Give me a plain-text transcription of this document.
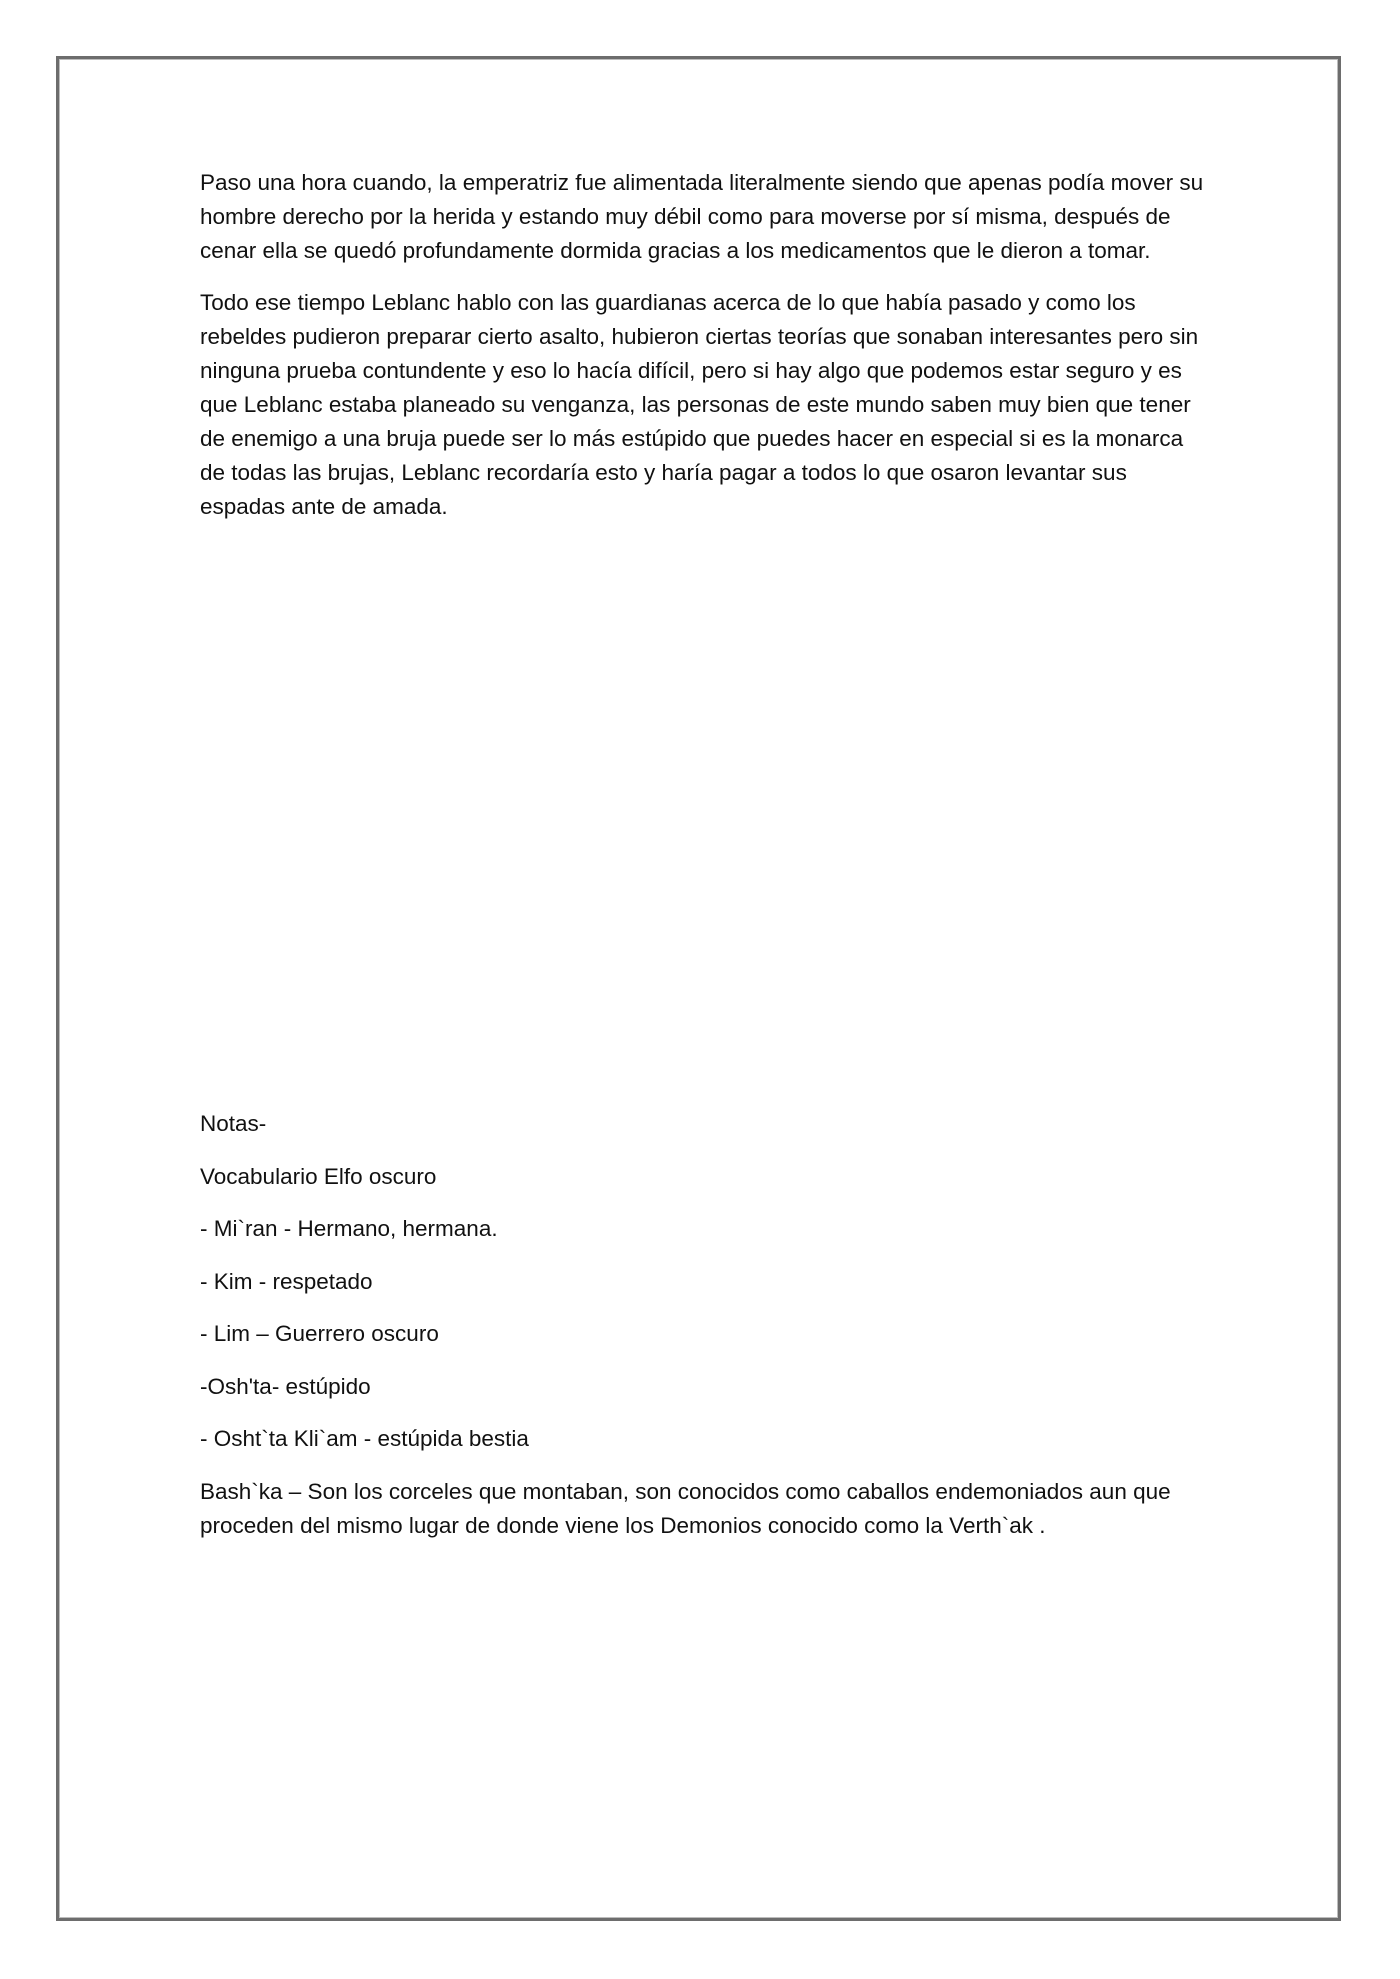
Paso una hora cuando, la emperatriz fue alimentada literalmente siendo que apenas podía mover su hombre derecho por la herida y estando muy débil como para moverse por sí misma, después de cenar ella se quedó profundamente dormida gracias a los medicamentos que le dieron a tomar.

Todo ese tiempo Leblanc hablo con las guardianas acerca de lo que había pasado y como los rebeldes pudieron preparar cierto asalto, hubieron ciertas teorías que sonaban interesantes pero sin ninguna prueba contundente y eso lo hacía difícil, pero si hay algo que podemos estar seguro y es que Leblanc estaba planeado su venganza, las personas de este mundo saben muy bien que tener de enemigo a una bruja puede ser lo más estúpido que puedes hacer en especial si es la monarca de todas las brujas, Leblanc recordaría esto y haría pagar a todos lo que osaron levantar sus espadas ante de amada.

Notas-

Vocabulario Elfo oscuro

- Mi`ran - Hermano, hermana.

- Kim - respetado

- Lim – Guerrero oscuro

-Osh'ta- estúpido

- Osht`ta Kli`am - estúpida bestia

Bash`ka – Son los corceles que montaban, son conocidos como caballos endemoniados aun que proceden del mismo lugar de donde viene los Demonios conocido como la Verth`ak .
